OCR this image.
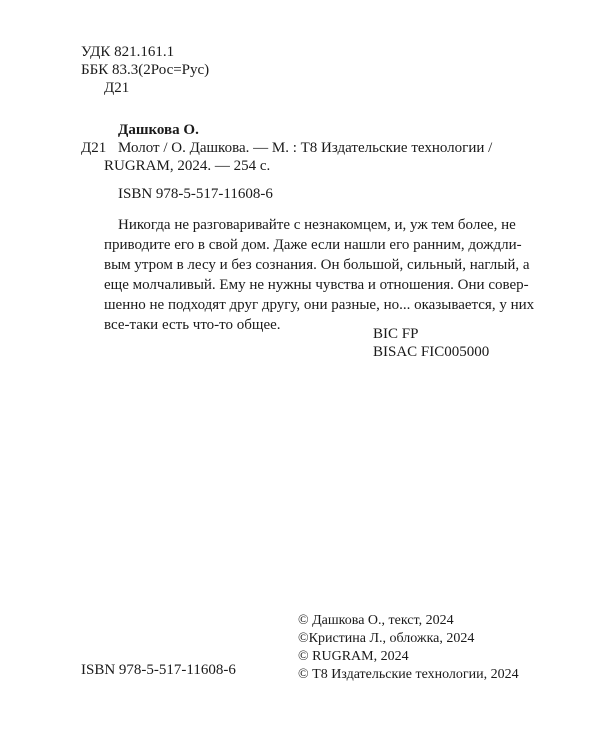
УДК 821.161.1
ББК 83.3(2Рос=Рус)
Д21
Дашкова О.
Д21 Молот / О. Дашкова. — М. : Т8 Издательские технологии /
RUGRAM, 2024. — 254 с.
ISBN 978-5-517-11608-6
Никогда не разговаривайте с незнакомцем, и, уж тем более, не
приводите его в свой дом. Даже если нашли его ранним, дождли-
вым утром в лесу и без сознания. Он большой, сильный, наглый, а
еще молчаливый. Ему не нужны чувства и отношения. Они совер-
шенно не подходят друг другу, они разные, но... оказывается, у них
все-таки есть что-то общее.
BIC FP
BISAC FIC005000
ISBN 978-5-517-11608-6
© Дашкова О., текст, 2024
©Кристина Л., обложка, 2024
© RUGRAM, 2024
© Т8 Издательские технологии, 2024
